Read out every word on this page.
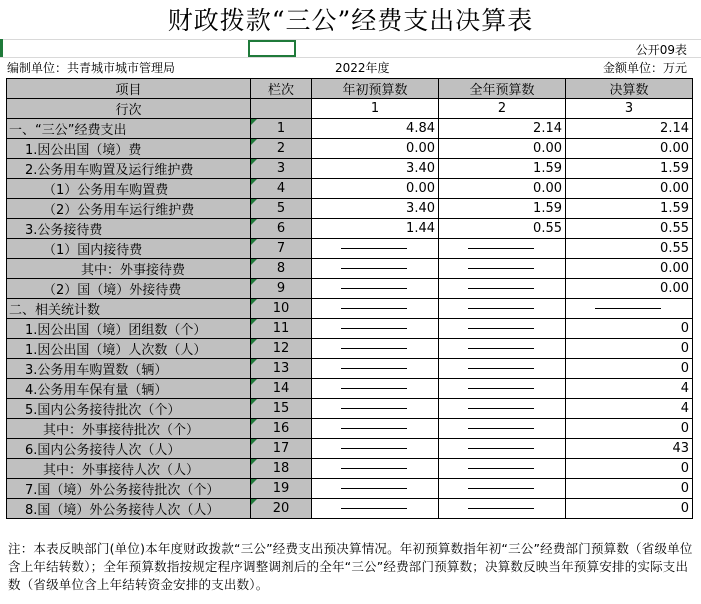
财政拨款“三公”经费支出决算表
公开09表
编制单位：共青城市城市管理局	2022年度	金额单位：万元
项目	栏次	年初预算数	全年预算数	决算数
行次		1	2	3
一、“三公”经费支出	1	4.84	2.14	2.14
1.因公出国（境）费	2	0.00	0.00	0.00
2.公务用车购置及运行维护费	3	3.40	1.59	1.59
（1）公务用车购置费	4	0.00	0.00	0.00
（2）公务用车运行维护费	5	3.40	1.59	1.59
3.公务接待费	6	1.44	0.55	0.55
（1）国内接待费	7			0.55
其中：外事接待费	8			0.00
（2）国（境）外接待费	9			0.00
二、相关统计数	10	

1.因公出国（境）团组数（个）	11			0
1.因公出国（境）人次数（人）	12			0
3.公务用车购置数（辆）	13			0
4.公务用车保有量（辆）	14			4
5.国内公务接待批次（个）	15			4
其中：外事接待批次（个）	16			0
6.国内公务接待人次（人）	17			43
其中：外事接待人次（人）	18			0
7.国（境）外公务接待批次（个）	19			0
8.国（境）外公务接待人次（人）	20			0
注：本表反映部门(单位)本年度财政拨款“三公”经费支出预决算情况。年初预算数指年初“三公”经费部门预算数（省级单位含上年结转数）；全年预算数指按规定程序调整调剂后的全年“三公”经费部门预算数；决算数反映当年预算安排的实际支出数（省级单位含上年结转资金安排的支出数）。
